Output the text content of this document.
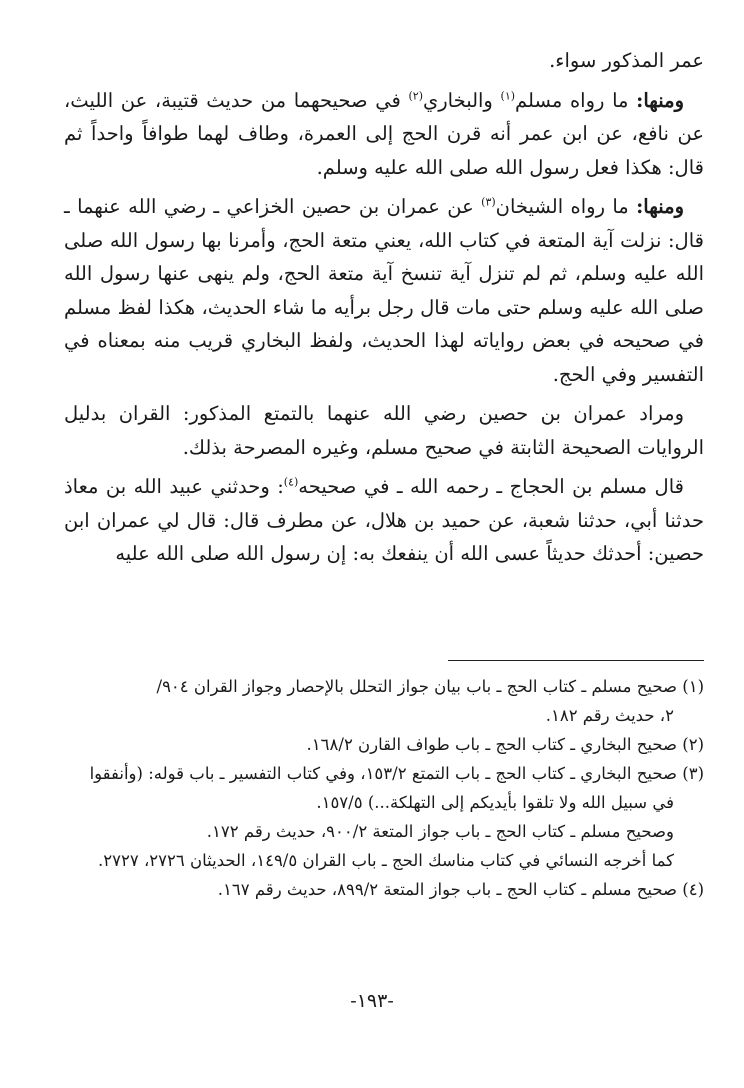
عمر المذكور سواء.

ومنها: ما رواه مسلم$^{(١)}$ والبخاري$^{(٢)}$ في صحيحهما من حديث قتيبة، عن الليث، عن نافع، عن ابن عمر أنه قرن الحج إلى العمرة، وطاف لهما طوافاً واحداً ثم قال: هكذا فعل رسول الله صلى الله عليه وسلم.

ومنها: ما رواه الشيخان$^{(٣)}$ عن عمران بن حصين الخزاعي ـ رضي الله عنهما ـ قال: نزلت آية المتعة في كتاب الله، يعني متعة الحج، وأمرنا بها رسول الله صلى الله عليه وسلم، ثم لم تنزل آية تنسخ آية متعة الحج، ولم ينهى عنها رسول الله صلى الله عليه وسلم حتى مات قال رجل برأيه ما شاء الحديث، هكذا لفظ مسلم في صحيحه في بعض رواياته لهذا الحديث، ولفظ البخاري قريب منه بمعناه في التفسير وفي الحج.

ومراد عمران بن حصين رضي الله عنهما بالتمتع المذكور: القران بدليل الروايات الصحيحة الثابتة في صحيح مسلم، وغيره المصرحة بذلك.

قال مسلم بن الحجاج ـ رحمه الله ـ في صحيحه$^{(٤)}$: وحدثني عبيد الله بن معاذ حدثنا أبي، حدثنا شعبة، عن حميد بن هلال، عن مطرف قال: قال لي عمران ابن حصين: أحدثك حديثاً عسى الله أن ينفعك به: إن رسول الله صلى الله عليه

(١) صحيح مسلم ـ كتاب الحج ـ باب بيان جواز التحلل بالإحصار وجواز القران ٩٠٤/

٢، حديث رقم ١٨٢.

(٢) صحيح البخاري ـ كتاب الحج ـ باب طواف القارن ١٦٨/٢.

(٣) صحيح البخاري ـ كتاب الحج ـ باب التمتع ١٥٣/٢، وفي كتاب التفسير ـ باب قوله: (وأنفقوا في سبيل الله ولا تلقوا بأيديكم إلى التهلكة...) ١٥٧/٥.

وصحيح مسلم ـ كتاب الحج ـ باب جواز المتعة ٩٠٠/٢، حديث رقم ١٧٢.

كما أخرجه النسائي في كتاب مناسك الحج ـ باب القران ١٤٩/٥، الحديثان ٢٧٢٦، ٢٧٢٧.

(٤) صحيح مسلم ـ كتاب الحج ـ باب جواز المتعة ٨٩٩/٢، حديث رقم ١٦٧.

-١٩٣-
